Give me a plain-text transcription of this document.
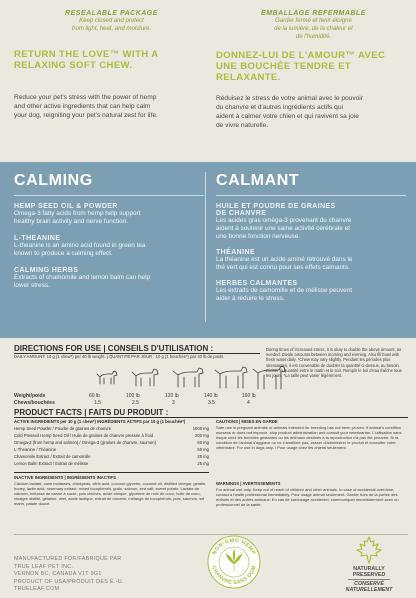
RESEALABLE PACKAGE
Keep closed and protect
from light, heat, and moisture.
RETURN THE LOVE™ WITH A
RELAXING SOFT CHEW.
Reduce your pet's stress with the power of hemp
and other active ingredients that can help calm
your dog, reigniting your pet's natural zest for life.
EMBALLAGE REFERMABLE
Garder fermé et tenir éloigné
de la lumière, de la chaleur et
de l'humidité.
DONNEZ-LUI DE L'AMOUR™ AVEC
UNE BOUCHÉE TENDRE ET
RELAXANTE.
Réduisez le stress de votre animal avec le pouvoir
du chanvre et d'autres ingrédients actifs qui
aident à calmer votre chien et qui ravivent sa joie
de vivre naturelle.
CALMING
HEMP SEED OIL & POWDER
Omega-3 fatty acids from hemp help support
healthy brain activity and nerve function.
L-THEANINE
L-theanine is an amino acid found in green tea
known to produce a calming effect.
CALMING HERBS
Extracts of chamomile and lemon balm can help
lower stress.
CALMANT
HUILE ET POUDRE DE GRAINES
DE CHANVRE
Les acides gras oméga-3 provenant du chanvre
aident à soutenir une saine activité cérébrale et
une bonne fonction nerveuse.
THÉANINE
La théanine est un acide aminé retrouvé dans le
thé vert qui est connu pour ses effets calmants.
HERBES CALMANTES
Les extraits de camomille et de mélisse peuvent
aider à réduire le stress.
DIRECTIONS FOR USE | CONSEILS D'UTILISATION :
DAILY AMOUNT: 10 g (1 chew*) per 40 lb weight. | QUANTITÉ PAR JOUR : 10 g (1 bouchée*) par 40 lb de poids.
During times of increased stress, it is okay to double the above amount, as needed. Divide amounts between morning and evening. Also fill bowl with fresh water daily. *Chew may vary slightly. Pendant les périodes plus stressantes, il est convenable de doubler la quantité ci-dessus, au besoin. Diviser la quantité entre le matin et le soir. Remplir le bol d'eau fraîche tous les jours. *La taille peut varier légèrement.
Weight/poids	60 lb	100 lb	120 lb	140 lb	160 lb
Chews/bouchées	1.5	2.5	3	3.5	4
PRODUCT FACTS | FAITS DU PRODUIT :
ACTIVE INGREDIENTS per 10 g (1 chew*) INGRÉDIENTS ACTIFS par 10 g (1 bouchée*)
Hemp Seed Powder / Poudre de graines de chanvre	1000 mg
Cold Pressed Hemp Seed Oil / Huile de graines de chanvre pressée à froid	200 mg
Omega-3 (from hemp and salmon) / Oméga-3 (graines de chanvre, saumon)	60 mg
L-Theanine / Théanine	50 mg
Chamomile Extract / Extrait de camomille	25 mg
Lemon Balm Extract / Extrait de mélisse	25 mg
INACTIVE INGREDIENTS | INGRÉDIENTS INACTIFS
Calcium lactate, cane molasses, chickpeas, citric acid, coconut glycerin, coconut oil, distilled vinegar, gelatin, honey, lactic acid, rosemary extract, mixed tocopherols, grain, salmon, sea salt, sweet potato. Lactate de calcium, mélasse de canne à sucre, pois chiches, acide citrique, glycérine de noix de coco, huile de coco, vinaigre distillé, gélatine, miel, acide lactique, extrait de romarin, mélange de tocophérols, pois, saumon, sel marin, patate douce.
CAUTIONS | MISES EN GARDE
Safe use in pregnant animals or animals intended for breeding has not been proven. If animal's condition worsens or does not improve, stop product administration and consult your veterinarian. L'utilisation sans risque chez les femelles gestantes ou les animaux destinés à la reproduction n'a pas été prouvée. Si la condition de l'animal s'aggrave ou ne s'améliore pas, cesser d'administrer le produit et consulter votre vétérinaire. For use in dogs only. / Pour usage chez les chiens seulement.
WARNINGS | AVERTISSEMENTS
For animal use only. Keep out of reach of children and other animals. In case of accidental overdose, contact a health professional immediately. Pour usage animal seulement. Garder hors de la portée des enfants et des autres animaux. En cas de surdosage accidentel, communiquer immédiatement avec un professionnel de la santé.
MANUFACTURED FOR/FABRIQUÉ PAR
TRUE LEAF PET INC.
VERNON BC, CANADA V1T 9G1
PRODUCT OF USA/PRODUIT DES É.-U.
TRUELEAF.COM
NON-GMO HEMP
CHANVRE SANS OGM	NATURALLY
PRESERVED
CONSERVÉ
NATURELLEMENT
